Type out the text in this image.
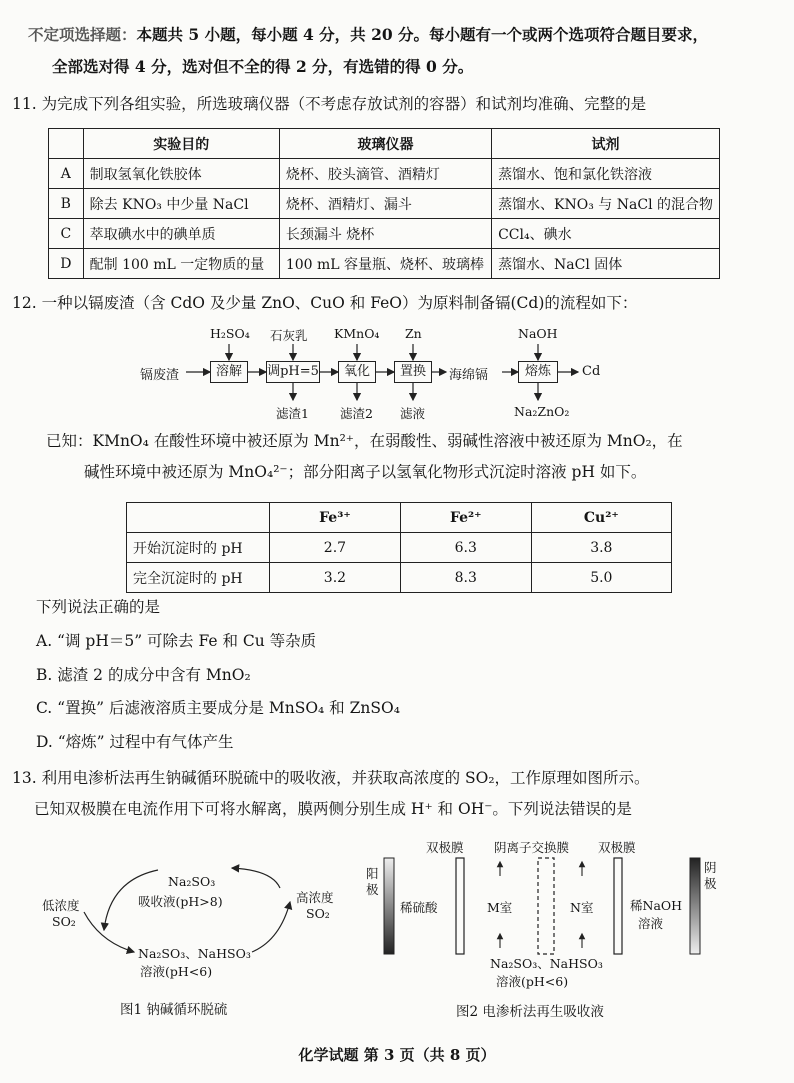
不定项选择题：本题共 5 小题，每小题 4 分，共 20 分。每小题有一个或两个选项符合题目要求，
全部选对得 4 分，选对但不全的得 2 分，有选错的得 0 分。
11. 为完成下列各组实验，所选玻璃仪器（不考虑存放试剂的容器）和试剂均准确、完整的是
	实验目的	玻璃仪器	试剂
A	制取氢氧化铁胶体	烧杯、胶头滴管、酒精灯	蒸馏水、饱和氯化铁溶液
B	除去 KNO₃ 中少量 NaCl	烧杯、酒精灯、漏斗	蒸馏水、KNO₃ 与 NaCl 的混合物
C	萃取碘水中的碘单质	长颈漏斗 烧杯	CCl₄、碘水
D	配制 100 mL 一定物质的量	100 mL 容量瓶、烧杯、玻璃棒	蒸馏水、NaCl 固体
12. 一种以镉废渣（含 CdO 及少量 ZnO、CuO 和 FeO）为原料制备镉(Cd)的流程如下：
镉废渣	溶解	调pH=5	氧化	置换	海绵镉	熔炼	Cd
H₂SO₄ 石灰乳 KMnO₄ Zn	NaOH
滤渣1 滤渣2 滤液	Na₂ZnO₂
已知：KMnO₄ 在酸性环境中被还原为 Mn²⁺，在弱酸性、弱碱性溶液中被还原为 MnO₂，在
碱性环境中被还原为 MnO₄²⁻；部分阳离子以氢氧化物形式沉淀时溶液 pH 如下。
	Fe³⁺	Fe²⁺	Cu²⁺
开始沉淀时的 pH	2.7	6.3	3.8
完全沉淀时的 pH	3.2	8.3	5.0
下列说法正确的是
A. “调 pH＝5” 可除去 Fe 和 Cu 等杂质
B. 滤渣 2 的成分中含有 MnO₂
C. “置换” 后滤液溶质主要成分是 MnSO₄ 和 ZnSO₄
D. “熔炼” 过程中有气体产生
13. 利用电渗析法再生钠碱循环脱硫中的吸收液，并获取高浓度的 SO₂，工作原理如图所示。
已知双极膜在电流作用下可将水解离，膜两侧分别生成 H⁺ 和 OH⁻。下列说法错误的是
Na₂SO₃
吸收液(pH>8)
低浓度
SO₂
高浓度
SO₂
Na₂SO₃、NaHSO₃
溶液(pH<6)
图1 钠碱循环脱硫
双极膜 阴离子交换膜 双极膜
阳
极
阴
极
稀硫酸	M室	N室	稀NaOH
溶液
Na₂SO₃、NaHSO₃
溶液(pH<6)
图2 电渗析法再生吸收液
化学试题 第 3 页（共 8 页）
